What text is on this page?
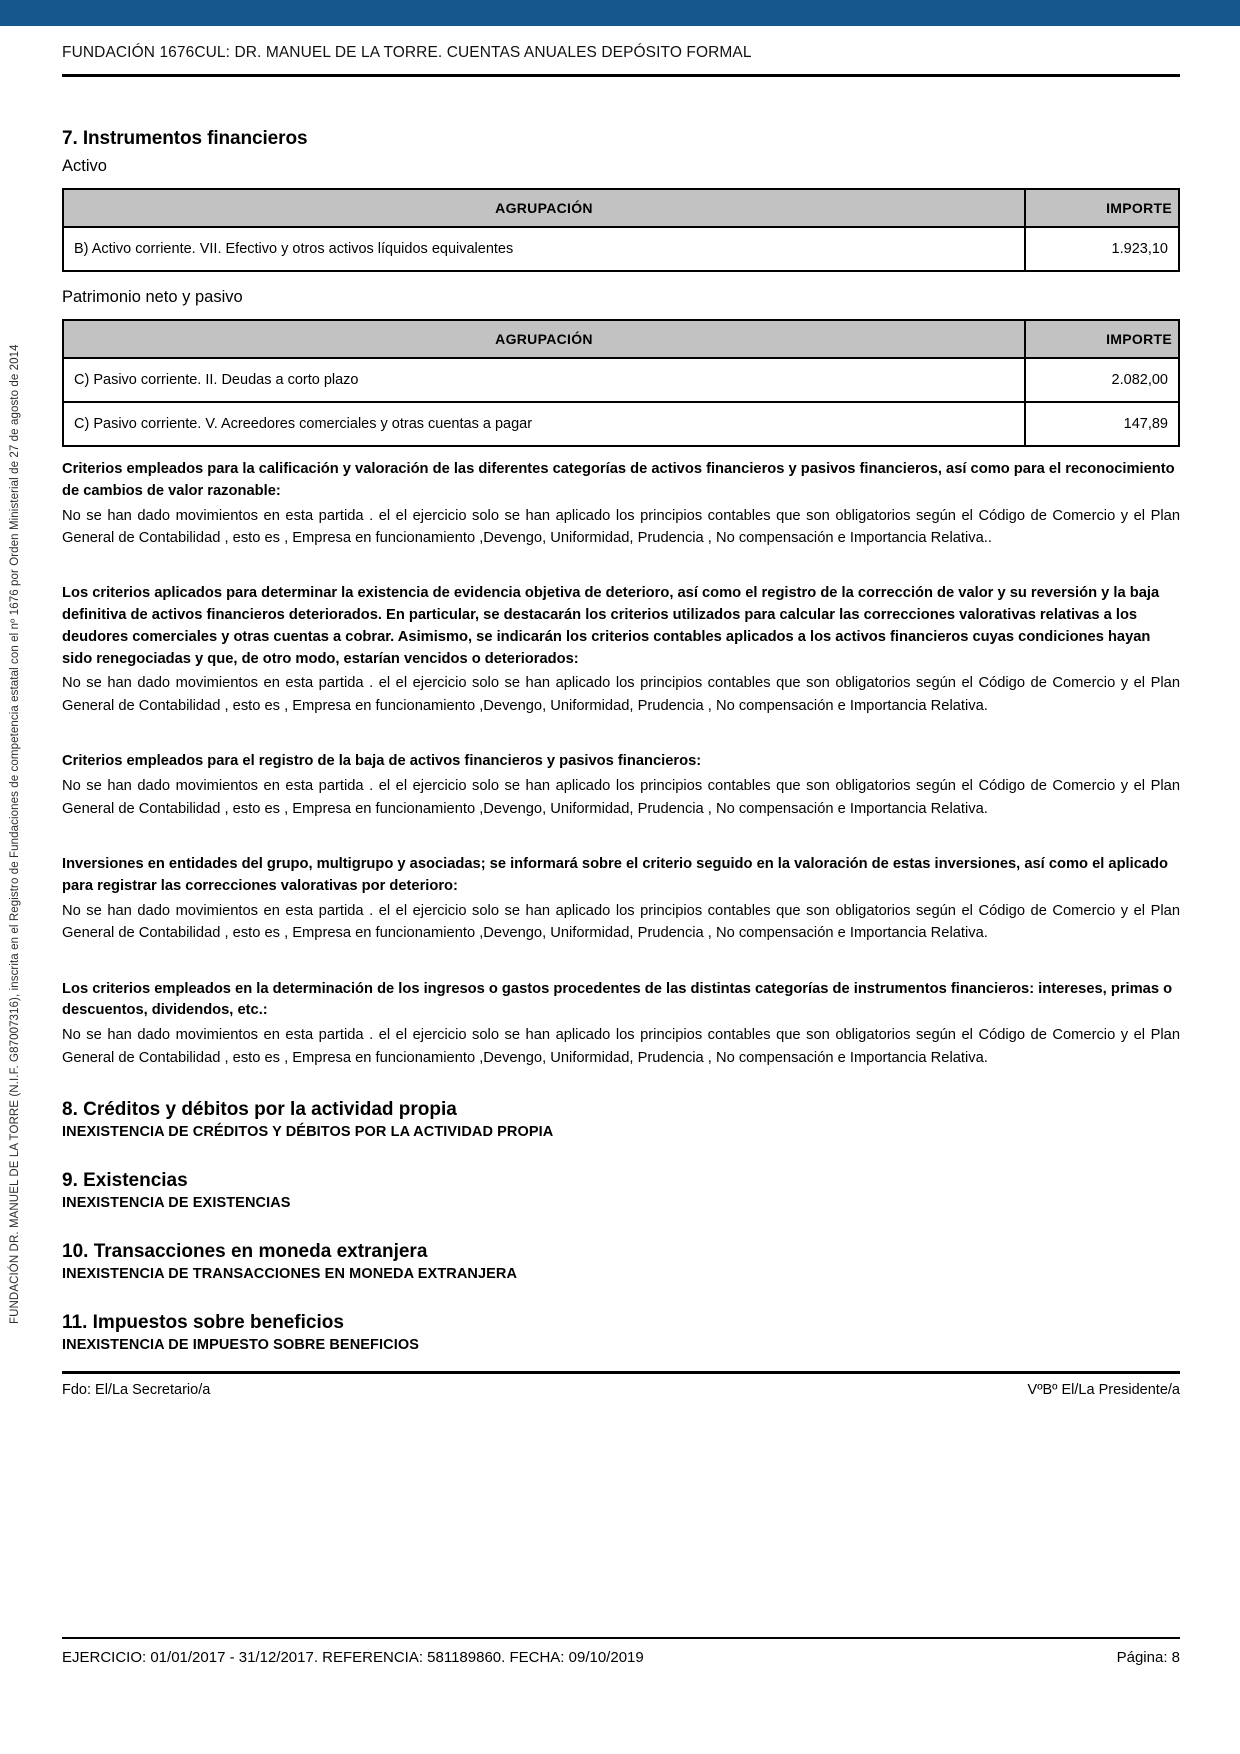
FUNDACIÓN DR. MANUEL DE LA TORRE (N.I.F. G87007316), inscrita en el Registro de Fundaciones de competencia estatal con el nº 1676 por Orden Ministerial de 27 de agosto de 2014
FUNDACIÓN 1676CUL: DR. MANUEL DE LA TORRE. CUENTAS ANUALES DEPÓSITO FORMAL
7. Instrumentos financieros
Activo
AGRUPACIÓN	IMPORTE
B) Activo corriente. VII. Efectivo y otros activos líquidos equivalentes	1.923,10
Patrimonio neto y pasivo
AGRUPACIÓN	IMPORTE
C) Pasivo corriente. II. Deudas a corto plazo	2.082,00
C) Pasivo corriente. V. Acreedores comerciales y otras cuentas a pagar	147,89

Criterios empleados para la calificación y valoración de las diferentes categorías de activos financieros y pasivos financieros, así como para el reconocimiento de cambios de valor razonable:

No se han dado movimientos en esta partida . el el ejercicio solo se han aplicado los principios contables que son obligatorios según el Código de Comercio y el Plan General de Contabilidad , esto es , Empresa en funcionamiento ,Devengo, Uniformidad, Prudencia , No compensación e Importancia Relativa..

Los criterios aplicados para determinar la existencia de evidencia objetiva de deterioro, así como el registro de la corrección de valor y su reversión y la baja definitiva de activos financieros deteriorados. En particular, se destacarán los criterios utilizados para calcular las correcciones valorativas relativas a los deudores comerciales y otras cuentas a cobrar. Asimismo, se indicarán los criterios contables aplicados a los activos financieros cuyas condiciones hayan sido renegociadas y que, de otro modo, estarían vencidos o deteriorados:

No se han dado movimientos en esta partida . el el ejercicio solo se han aplicado los principios contables que son obligatorios según el Código de Comercio y el Plan General de Contabilidad , esto es , Empresa en funcionamiento ,Devengo, Uniformidad, Prudencia , No compensación e Importancia Relativa.

Criterios empleados para el registro de la baja de activos financieros y pasivos financieros:

No se han dado movimientos en esta partida . el el ejercicio solo se han aplicado los principios contables que son obligatorios según el Código de Comercio y el Plan General de Contabilidad , esto es , Empresa en funcionamiento ,Devengo, Uniformidad, Prudencia , No compensación e Importancia Relativa.

Inversiones en entidades del grupo, multigrupo y asociadas; se informará sobre el criterio seguido en la valoración de estas inversiones, así como el aplicado para registrar las correcciones valorativas por deterioro:

No se han dado movimientos en esta partida . el el ejercicio solo se han aplicado los principios contables que son obligatorios según el Código de Comercio y el Plan General de Contabilidad , esto es , Empresa en funcionamiento ,Devengo, Uniformidad, Prudencia , No compensación e Importancia Relativa.

Los criterios empleados en la determinación de los ingresos o gastos procedentes de las distintas categorías de instrumentos financieros: intereses, primas o descuentos, dividendos, etc.:

No se han dado movimientos en esta partida . el el ejercicio solo se han aplicado los principios contables que son obligatorios según el Código de Comercio y el Plan General de Contabilidad , esto es , Empresa en funcionamiento ,Devengo, Uniformidad, Prudencia , No compensación e Importancia Relativa.

8. Créditos y débitos por la actividad propia
INEXISTENCIA DE CRÉDITOS Y DÉBITOS POR LA ACTIVIDAD PROPIA
9. Existencias
INEXISTENCIA DE EXISTENCIAS
10. Transacciones en moneda extranjera
INEXISTENCIA DE TRANSACCIONES EN MONEDA EXTRANJERA
11. Impuestos sobre beneficios
INEXISTENCIA DE IMPUESTO SOBRE BENEFICIOS
Fdo: El/La Secretario/a	VºBº El/La Presidente/a
EJERCICIO: 01/01/2017 - 31/12/2017. REFERENCIA: 581189860. FECHA: 09/10/2019	Página: 8
